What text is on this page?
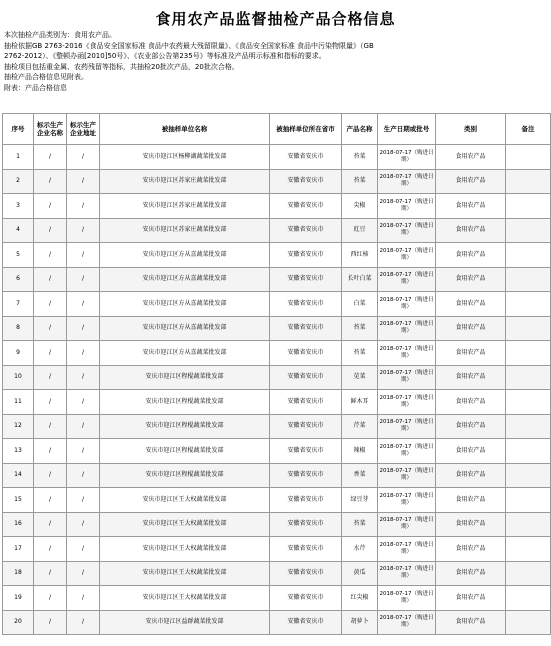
食用农产品监督抽检产品合格信息
本次抽检产品类别为：食用农产品。
抽检依据GB 2763-2016《食品安全国家标准 食品中农药最大残留限量》、《食品安全国家标准 食品中污染物限量》（GB
2762-2012）、《整顿办函[2010]50号》、《农业部公告第235号》等标准及产品明示标准和指标的要求。
抽检项目包括重金属、农药残留等指标，共抽检20批次产品，20批次合格。
抽检产品合格信息见附表。
附表：产品合格信息
序号	标示生产企业名称	标示生产企业地址	被抽样单位名称	被抽样单位所在省市	产品名称	生产日期或批号	类别	备注
1	/	/	安庆市迎江区杨柳湖蔬菜批发部	安徽省安庆市	苔菜	2018-07-17（购进日期）	食用农产品	
2	/	/	安庆市迎江区苏家庄蔬菜批发部	安徽省安庆市	苔菜	2018-07-17（购进日期）	食用农产品	
3	/	/	安庆市迎江区苏家庄蔬菜批发部	安徽省安庆市	尖椒	2018-07-17（购进日期）	食用农产品	
4	/	/	安庆市迎江区苏家庄蔬菜批发部	安徽省安庆市	豇豆	2018-07-17（购进日期）	食用农产品	
5	/	/	安庆市迎江区方从喜蔬菜批发部	安徽省安庆市	西红柿	2018-07-17（购进日期）	食用农产品	
6	/	/	安庆市迎江区方从喜蔬菜批发部	安徽省安庆市	长叶白菜	2018-07-17（购进日期）	食用农产品	
7	/	/	安庆市迎江区方从喜蔬菜批发部	安徽省安庆市	白菜	2018-07-17（购进日期）	食用农产品	
8	/	/	安庆市迎江区方从喜蔬菜批发部	安徽省安庆市	苔菜	2018-07-17（购进日期）	食用农产品	
9	/	/	安庆市迎江区方从喜蔬菜批发部	安徽省安庆市	苔菜	2018-07-17（购进日期）	食用农产品	
10	/	/	安庆市迎江区程棍蔬菜批发部	安徽省安庆市	苋菜	2018-07-17（购进日期）	食用农产品	
11	/	/	安庆市迎江区程棍蔬菜批发部	安徽省安庆市	鲜木耳	2018-07-17（购进日期）	食用农产品	
12	/	/	安庆市迎江区程棍蔬菜批发部	安徽省安庆市	芹菜	2018-07-17（购进日期）	食用农产品	
13	/	/	安庆市迎江区程棍蔬菜批发部	安徽省安庆市	辣椒	2018-07-17（购进日期）	食用农产品	
14	/	/	安庆市迎江区程棍蔬菜批发部	安徽省安庆市	香菜	2018-07-17（购进日期）	食用农产品	
15	/	/	安庆市迎江区王大权蔬菜批发部	安徽省安庆市	绿豆芽	2018-07-17（购进日期）	食用农产品	
16	/	/	安庆市迎江区王大权蔬菜批发部	安徽省安庆市	苔菜	2018-07-17（购进日期）	食用农产品	
17	/	/	安庆市迎江区王大权蔬菜批发部	安徽省安庆市	水芹	2018-07-17（购进日期）	食用农产品	
18	/	/	安庆市迎江区王大权蔬菜批发部	安徽省安庆市	黄瓜	2018-07-17（购进日期）	食用农产品	
19	/	/	安庆市迎江区王大权蔬菜批发部	安徽省安庆市	红尖椒	2018-07-17（购进日期）	食用农产品	
20	/	/	安庆市迎江区益群蔬菜批发部	安徽省安庆市	胡萝卜	2018-07-17（购进日期）	食用农产品	
